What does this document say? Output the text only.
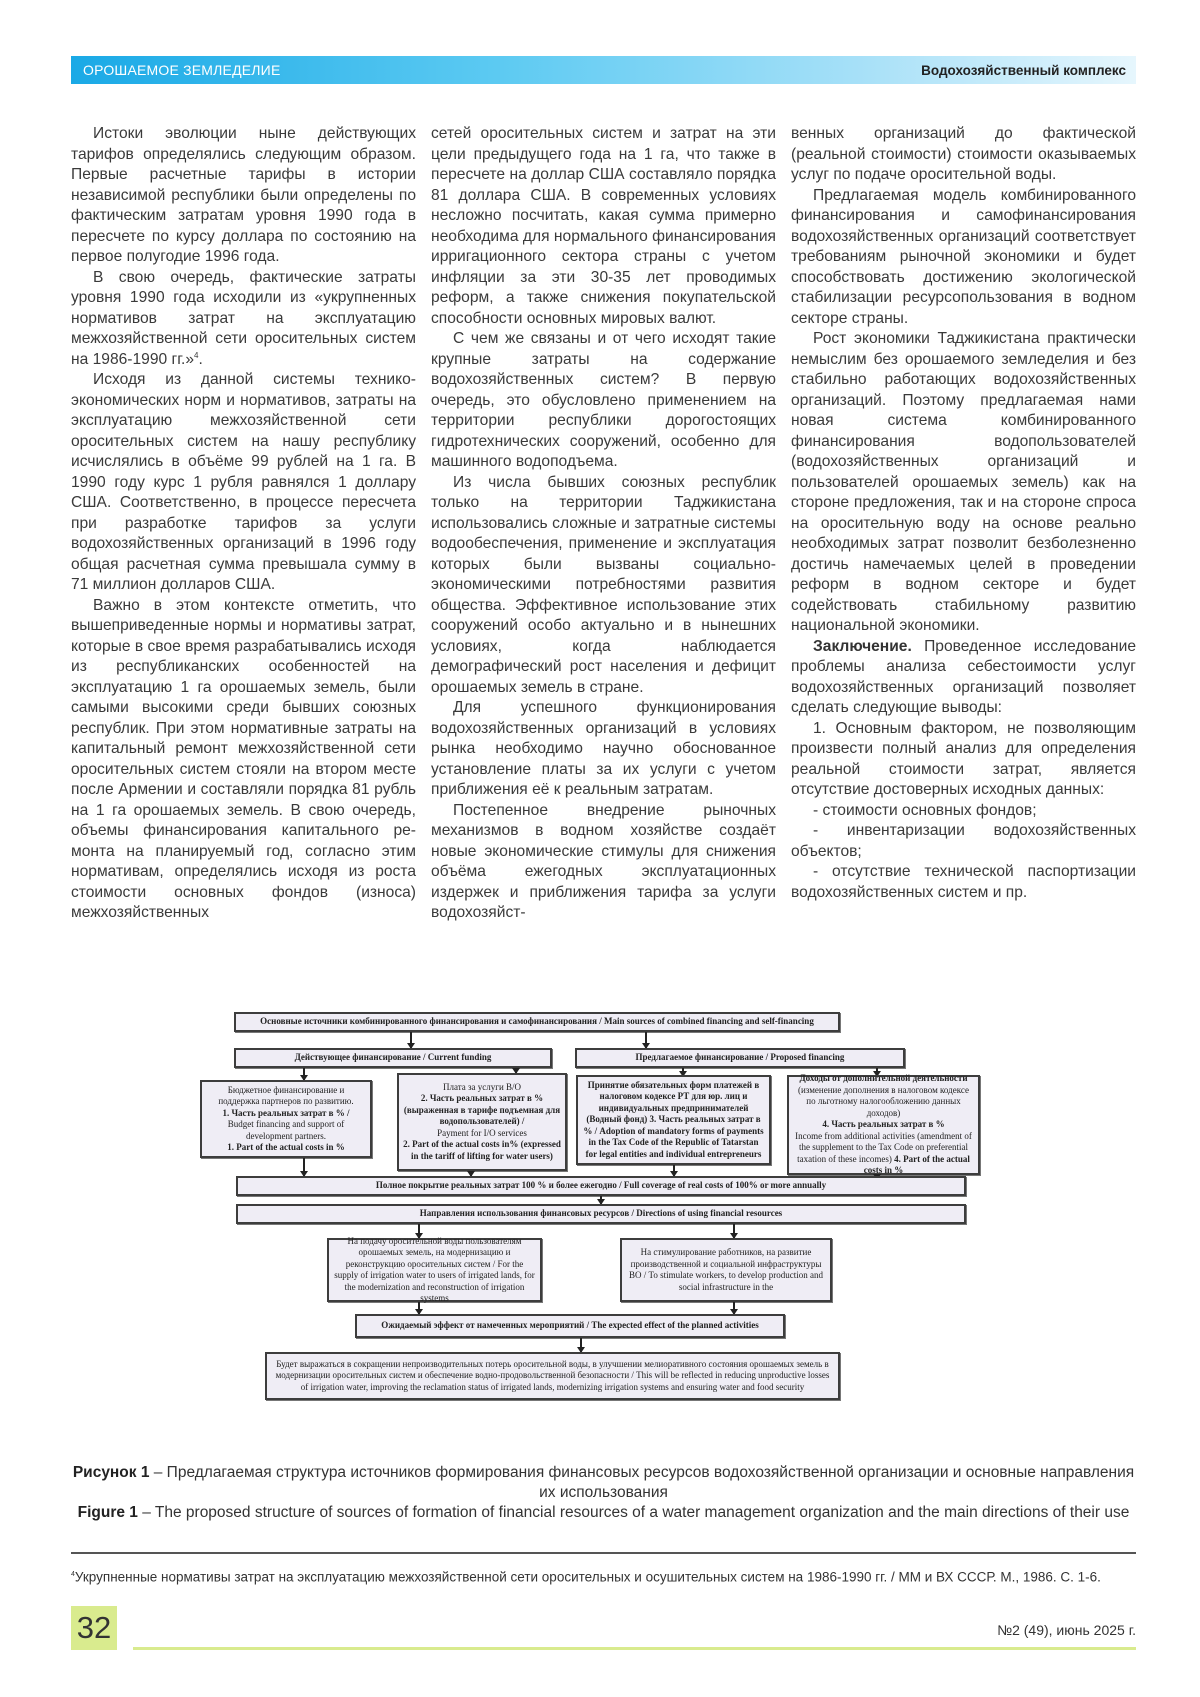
ОРОШАЕМОЕ ЗЕМЛЕДЕЛИЕ	Водохозяйственный комплекс

Истоки эволюции ныне действующих тарифов определялись следующим образом. Первые расчетные тарифы в истории независимой республики были определены по фактическим затратам уровня 1990 года в пересчете по курсу доллара по состоянию на первое полугодие 1996 года.

В свою очередь, фактические затраты уровня 1990 года исходили из «укрупненных нормативов затрат на эксплуатацию межхозяйственной сети оросительных систем на 1986-1990 гг.»$^4$.

Исходя из данной системы технико-экономических норм и нормативов, затраты на эксплуатацию межхозяйственной сети оросительных систем на нашу республику исчислялись в объёме 99 рублей на 1 га. В 1990 году курс 1 рубля равнялся 1 доллару США. Соответственно, в процессе пересчета при разработке тарифов за услуги водохозяйственных организаций в 1996 году общая расчетная сумма превышала сумму в 71 миллион долларов США.

Важно в этом контексте отметить, что вышеприведенные нормы и нормативы затрат, которые в свое время разрабатывались исходя из республиканских особенностей на эксплуатацию 1 га орошаемых земель, были самыми высокими среди бывших союзных республик. При этом нормативные затраты на капитальный ремонт межхозяйственной сети оросительных систем стояли на втором месте после Армении и составляли порядка 81 рубль на 1 га орошаемых земель. В свою очередь, объемы финансирования капитального ре-монта на планируемый год, согласно этим нормативам, определялись исходя из роста стоимости основных фондов (износа) межхозяйственных

сетей оросительных систем и затрат на эти цели предыдущего года на 1 га, что также в пересчете на доллар США составляло порядка 81 доллара США. В современных условиях несложно посчитать, какая сумма примерно необходима для нормального финансирования ирригационного сектора страны с учетом инфляции за эти 30-35 лет проводимых реформ, а также снижения покупательской способности основных мировых валют.

С чем же связаны и от чего исходят такие крупные затраты на содержание водохозяйственных систем? В первую очередь, это обусловлено применением на территории республики дорогостоящих гидротехнических сооружений, особенно для машинного водоподъема.

Из числа бывших союзных республик только на территории Таджикистана использовались сложные и затратные системы водообеспечения, применение и эксплуатация которых были вызваны социально-экономическими потребностями развития общества. Эффективное использование этих сооружений особо актуально и в нынешних условиях, когда наблюдается демографический рост населения и дефицит орошаемых земель в стране.

Для успешного функционирования водохозяйственных организаций в условиях рынка необходимо научно обоснованное установление платы за их услуги с учетом приближения её к реальным затратам.

Постепенное внедрение рыночных механизмов в водном хозяйстве создаёт новые экономические стимулы для снижения объёма ежегодных эксплуатационных издержек и приближения тарифа за услуги водохозяйст-

венных организаций до фактической (реальной стоимости) стоимости оказываемых услуг по подаче оросительной воды.

Предлагаемая модель комбинированного финансирования и самофинансирования водохозяйственных организаций соответствует требованиям рыночной экономики и будет способствовать достижению экологической стабилизации ресурсопользования в водном секторе страны.

Рост экономики Таджикистана практически немыслим без орошаемого земледелия и без стабильно работающих водохозяйственных организаций. Поэтому предлагаемая нами новая система комбинированного финансирования водопользователей (водохозяйственных организаций и пользователей орошаемых земель) как на стороне предложения, так и на стороне спроса на оросительную воду на основе реально необходимых затрат позволит безболезненно достичь намечаемых целей в проведении реформ в водном секторе и будет содействовать стабильному развитию национальной экономики.

Заключение. Проведенное исследование проблемы анализа себестоимости услуг водохозяйственных организаций позволяет сделать следующие выводы:

1. Основным фактором, не позволяющим произвести полный анализ для определения реальной стоимости затрат, является отсутствие достоверных исходных данных:

- стоимости основных фондов;

- инвентаризации водохозяйственных объектов;

- отсутствие технической паспортизации водохозяйственных систем и пр.

Основные источники комбинированного финансирования и самофинансирования / Main sources of combined financing and self-financing
Действующее финансирование / Current funding	Предлагаемое финансирование / Proposed financing
Бюджетное финансирование и поддержка партнеров по развитию.
1. Часть реальных затрат в % /
Budget financing and support of development partners.
1. Part of the actual costs in %
Плата за услуги В/О
2. Часть реальных затрат в % (выраженная в тарифе подъемная для водопользователей) /
Payment for I/O services
2. Part of the actual costs in% (expressed in the tariff of lifting for water users)
Принятие обязательных форм платежей в налоговом кодексе РТ для юр. лиц и индивидуальных предпринимателей (Водный фонд) 3. Часть реальных затрат в % / Adoption of mandatory forms of payments in the Tax Code of the Republic of Tatarstan for legal entities and individual entrepreneurs
Доходы от дополнительной деятельности (изменение дополнения в налоговом кодексе по льготному налогообложению данных доходов)
4. Часть реальных затрат в %
Income from additional activities (amendment of the supplement to the Tax Code on preferential taxation of these incomes) 4. Part of the actual costs in %
Полное покрытие реальных затрат 100 % и более ежегодно / Full coverage of real costs of 100% or more annually
Направления использования финансовых ресурсов / Directions of using financial resources
На подачу оросительной воды пользователям орошаемых земель, на модернизацию и реконструкцию оросительных систем / For the supply of irrigation water to users of irrigated lands, for the modernization and reconstruction of irrigation systems
На стимулирование работников, на развитие производственной и социальной инфраструктуры ВО / To stimulate workers, to develop production and social infrastructure in the
Ожидаемый эффект от намеченных мероприятий / The expected effect of the planned activities
Будет выражаться в сокращении непроизводительных потерь оросительной воды, в улучшении мелиоративного состояния орошаемых земель в модернизации оросительных систем и обеспечение водно-продовольственной безопасности / This will be reflected in reducing unproductive losses of irrigation water, improving the reclamation status of irrigated lands, modernizing irrigation systems and ensuring water and food security
Рисунок 1 – Предлагаемая структура источников формирования финансовых ресурсов водохозяйственной организации и основные направления их использования
Figure 1 – The proposed structure of sources of formation of financial resources of a water management organization and the main directions of their use
$^4$Укрупненные нормативы затрат на эксплуатацию межхозяйственной сети оросительных и осушительных систем на 1986-1990 гг. / ММ и ВХ СССР. М., 1986. С. 1-6.
32	№2 (49), июнь 2025 г.
